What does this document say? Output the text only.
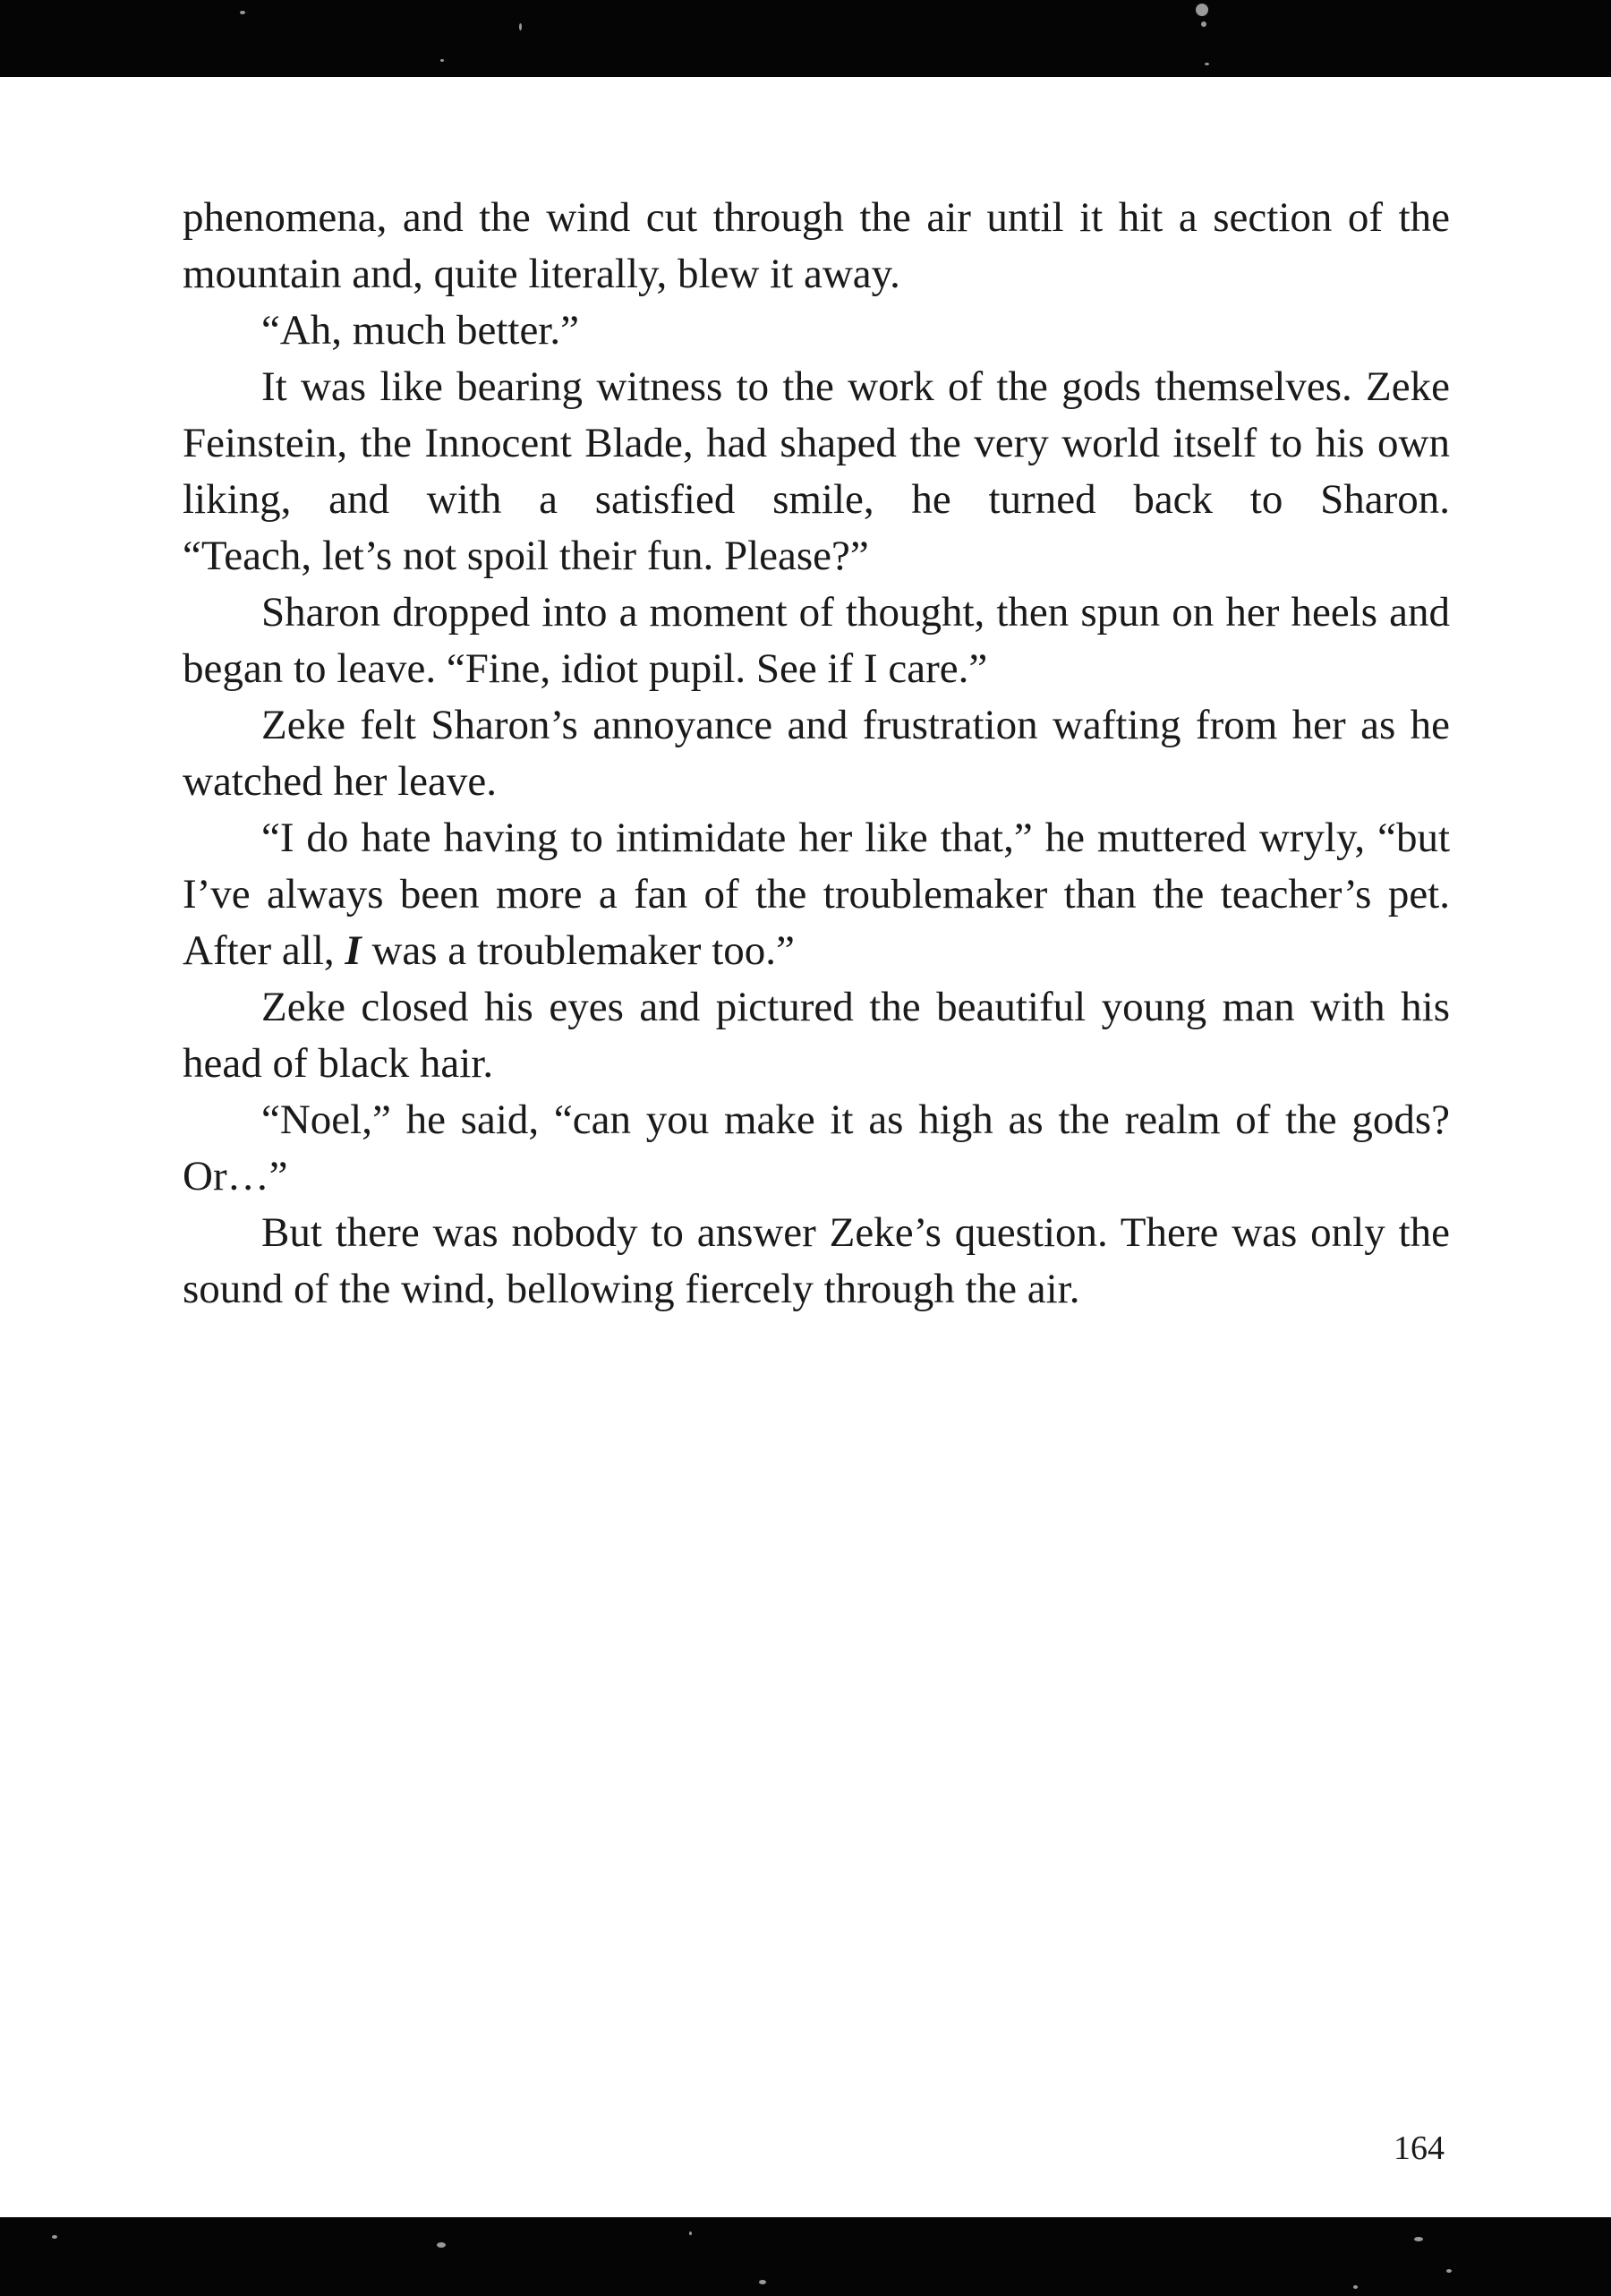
phenomena, and the wind cut through the air until it hit a section of the mountain and, quite literally, blew it away.

“Ah, much better.”

It was like bearing witness to the work of the gods themselves. Zeke Feinstein, the Innocent Blade, had shaped the very world itself to his own liking, and with a satisfied smile, he turned back to Sharon.

“Teach, let’s not spoil their fun. Please?”

Sharon dropped into a moment of thought, then spun on her heels and began to leave. “Fine, idiot pupil. See if I care.”

Zeke felt Sharon’s annoyance and frustration wafting from her as he watched her leave.

“I do hate having to intimidate her like that,” he muttered wryly, “but I’ve always been more a fan of the troublemaker than the teacher’s pet. After all, I was a troublemaker too.”

Zeke closed his eyes and pictured the beautiful young man with his head of black hair.

“Noel,” he said, “can you make it as high as the realm of the gods? Or…”

But there was nobody to answer Zeke’s question. There was only the sound of the wind, bellowing fiercely through the air.

164
